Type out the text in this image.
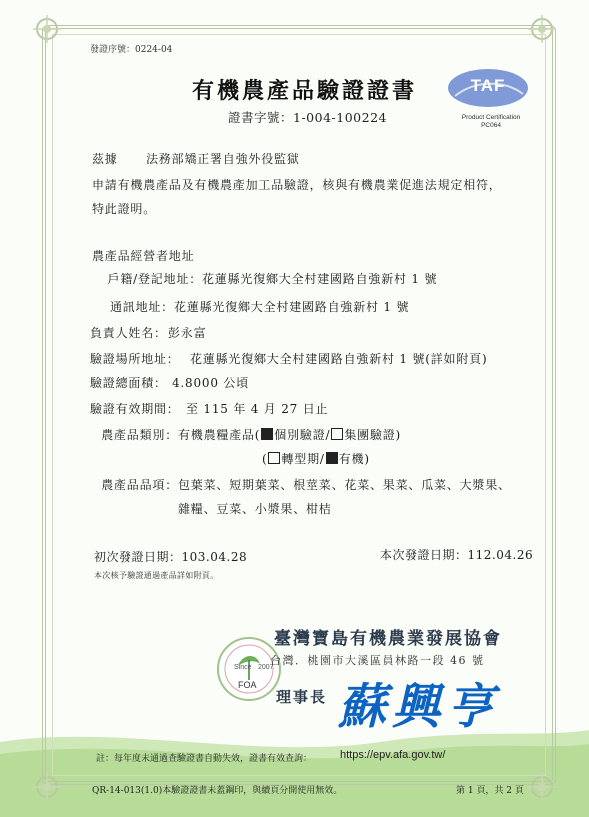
發證序號：0224-04
有機農產品驗證證書
證書字號：1-004-100224
TAF
Product Certification
PC064
茲據 法務部矯正署自強外役監獄
申請有機農產品及有機農產加工品驗證，核與有機農業促進法規定相符，特此證明。
農產品經營者地址
戶籍/登記地址： 花蓮縣光復鄉大全村建國路自強新村 1 號
通訊地址： 花蓮縣光復鄉大全村建國路自強新村 1 號
負責人姓名： 彭永富
驗證場所地址： 花蓮縣光復鄉大全村建國路自強新村 1 號(詳如附頁)
驗證總面積： 4.8000 公頃
驗證有效期間： 至 115 年 4 月 27 日止
農產品類別： 有機農糧產品( 個別驗證/ 集團驗證)
( 轉型期/ 有機)
農產品品項： 包葉菜、短期葉菜、根莖菜、花菜、果菜、瓜菜、大漿果、
雜糧、豆菜、小漿果、柑桔
初次發證日期：103.04.28	本次發證日期：112.04.26
本次核予驗證通過產品詳如附頁。
Since 2007
FOA
臺灣寶島有機農業發展協會
台灣．桃園市大溪區員林路一段 46 號
理事長 蘇興亨
註：每年度未通過查驗證書自動失效，證書有效查詢：	https://epv.afa.gov.tw/
QR-14-013(1.0)本驗證證書未蓋鋼印，與續頁分開使用無效。	第 1 頁，共 2 頁
